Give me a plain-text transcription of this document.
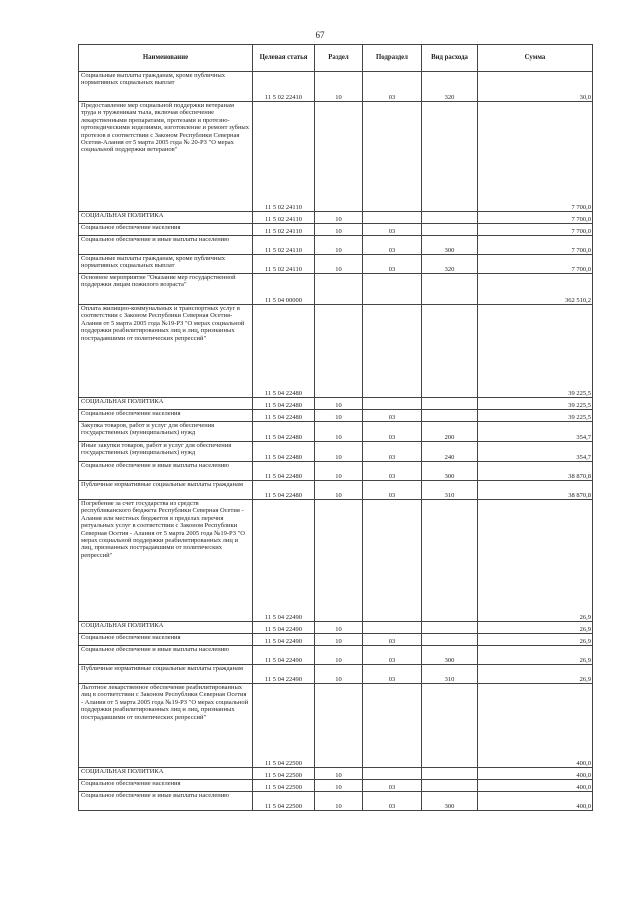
67
Наименование	Целевая статья	Раздел	Подраздел	Вид расхода	Сумма
Социальные выплаты гражданам, кроме публичных нормативных социальных выплат	11 5 02 22410	10	03	320	30,0
Предоставление мер социальной поддержки ветеранам труда и труженикам тыла, включая обеспечение лекарственными препаратами, протезами и протезно-ортопедическими изделиями, изготовление и ремонт зубных протезов в соответствии с Законом Республики Северная Осетия-Алания от 5 марта 2005 года № 20-РЗ "О мерах социальной поддержки ветеранов"	11 5 02 24110				7 700,0
СОЦИАЛЬНАЯ ПОЛИТИКА	11 5 02 24110	10			7 700,0
Социальное обеспечение населения	11 5 02 24110	10	03		7 700,0
Социальное обеспечение и иные выплаты населению	11 5 02 24110	10	03	300	7 700,0
Социальные выплаты гражданам, кроме публичных нормативных социальных выплат	11 5 02 24110	10	03	320	7 700,0
Основное мероприятие "Оказание мер государственной поддержки лицам пожилого возраста"	11 5 04 00000				362 510,2
Оплата жилищно-коммунальных и транспортных услуг в соответствии с Законом Республики Северная Осетия-Алания от 5 марта 2005 года №19-РЗ "О мерах социальной поддержки реабилитированных лиц и лиц, признанных пострадавшими от политических репрессий"	11 5 04 22480				39 225,5
СОЦИАЛЬНАЯ ПОЛИТИКА	11 5 04 22480	10			39 225,5
Социальное обеспечение населения	11 5 04 22480	10	03		39 225,5
Закупка товаров, работ и услуг для обеспечения государственных (муниципальных) нужд	11 5 04 22480	10	03	200	354,7
Иные закупки товаров, работ и услуг для обеспечения государственных (муниципальных) нужд	11 5 04 22480	10	03	240	354,7
Социальное обеспечение и иные выплаты населению	11 5 04 22480	10	03	300	38 870,8
Публичные нормативные социальные выплаты гражданам	11 5 04 22480	10	03	310	38 870,8
Погребение за счет государства из средств республиканского бюджета Республики Северная Осетия - Алания или местных бюджетов в пределах перечня ритуальных услуг в соответствии с Законом Республики Северная Осетия - Алания от 5 марта 2005 года №19-РЗ "О мерах социальной поддержки реабилитированных лиц и лиц, признанных пострадавшими от политических репрессий"	11 5 04 22490				26,9
СОЦИАЛЬНАЯ ПОЛИТИКА	11 5 04 22490	10			26,9
Социальное обеспечение населения	11 5 04 22490	10	03		26,9
Социальное обеспечение и иные выплаты населению	11 5 04 22490	10	03	300	26,9
Публичные нормативные социальные выплаты гражданам	11 5 04 22490	10	03	310	26,9
Льготное лекарственное обеспечение реабилитированных лиц в соответствии с Законом Республики Северная Осетия - Алания от 5 марта 2005 года №19-РЗ "О мерах социальной поддержки реабилитированных лиц и лиц, признанных пострадавшими от политических репрессий"	11 5 04 22500				400,0
СОЦИАЛЬНАЯ ПОЛИТИКА	11 5 04 22500	10			400,0
Социальное обеспечение населения	11 5 04 22500	10	03		400,0
Социальное обеспечение и иные выплаты населению	11 5 04 22500	10	03	300	400,0
